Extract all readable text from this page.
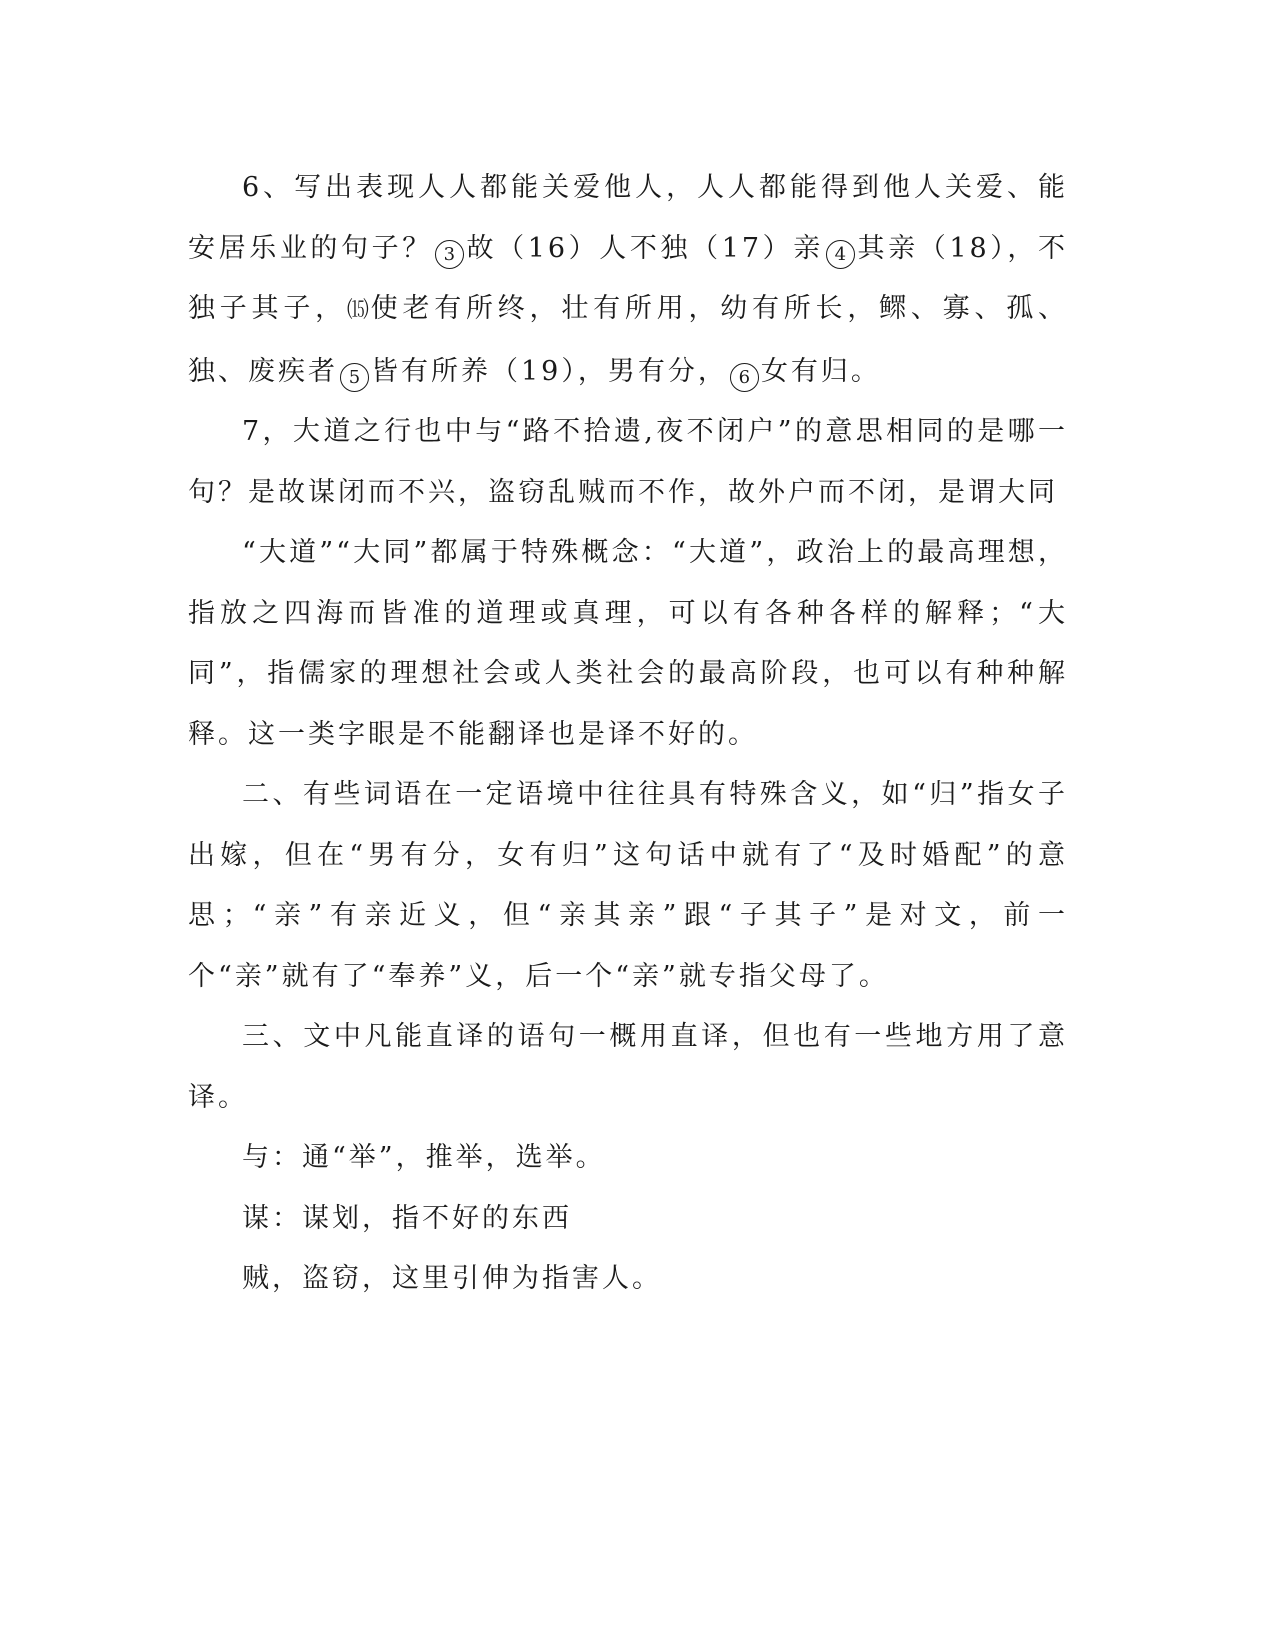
6、写出表现人人都能关爱他人，人人都能得到他人关爱、能安居乐业的句子？ 3 故（16）人不独（17）亲 4 其亲（18），不独子其子，⒂使老有所终，壮有所用，幼有所长，鳏、寡、孤、独、废疾者 5 皆有所养（19），男有分， 6 女有归。

7，大道之行也中与“路不拾遗,夜不闭户”的意思相同的是哪一句？是故谋闭而不兴，盗窃乱贼而不作，故外户而不闭，是谓大同

“大道”“大同”都属于特殊概念：“大道”，政治上的最高理想，指放之四海而皆准的道理或真理，可以有各种各样的解释；“大同”，指儒家的理想社会或人类社会的最高阶段，也可以有种种解释。这一类字眼是不能翻译也是译不好的。

二、有些词语在一定语境中往往具有特殊含义，如“归”指女子出嫁，但在“男有分，女有归”这句话中就有了“及时婚配”的意思；“亲”有亲近义，但“亲其亲”跟“子其子”是对文，前一个“亲”就有了“奉养”义，后一个“亲”就专指父母了。

三、文中凡能直译的语句一概用直译，但也有一些地方用了意译。

与：通“举”，推举，选举。

谋：谋划，指不好的东西

贼，盗窃，这里引伸为指害人。
